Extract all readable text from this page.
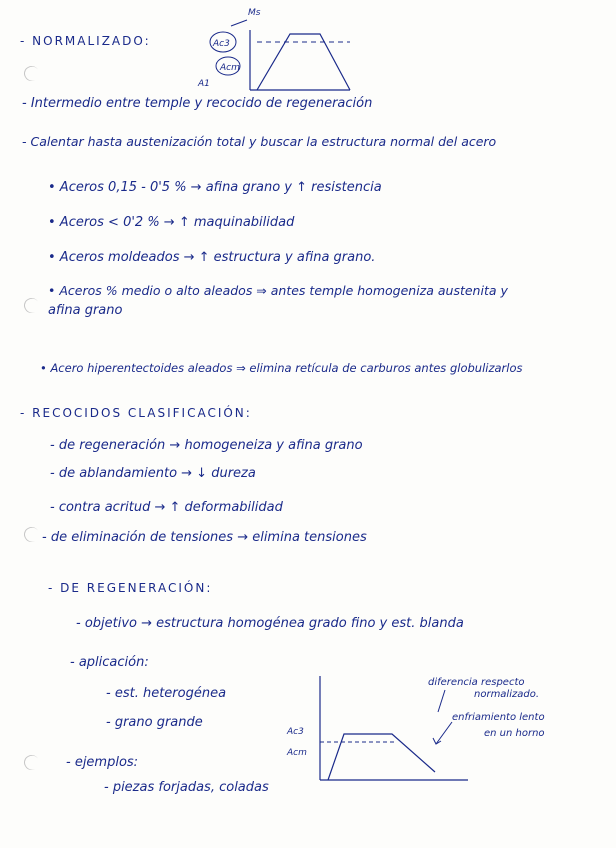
- NORMALIZADO:
Ms
Ac3
Acm
A1
- Intermedio entre temple y recocido de regeneración
- Calentar hasta austenización total y buscar la estructura normal del acero
• Aceros 0,15 - 0'5 % → afina grano y ↑ resistencia
• Aceros < 0'2 % → ↑ maquinabilidad
• Aceros moldeados → ↑ estructura y afina grano.
• Aceros % medio o alto aleados ⇒ antes temple homogeniza austenita y
afina grano
• Acero hiperentectoides aleados ⇒ elimina retícula de carburos antes globulizarlos
- RECOCIDOS CLASIFICACIÓN:
- de regeneración → homogeneiza y afina grano
- de ablandamiento → ↓ dureza
- contra acritud → ↑ deformabilidad
- de eliminación de tensiones → elimina tensiones
- DE REGENERACIÓN:
- objetivo → estructura homogénea grado fino y est. blanda
- aplicación:
- est. heterogénea
- grano grande
- ejemplos:
- piezas forjadas, coladas
Ac3
Acm
diferencia respecto
normalizado.
enfriamiento lento
en un horno
